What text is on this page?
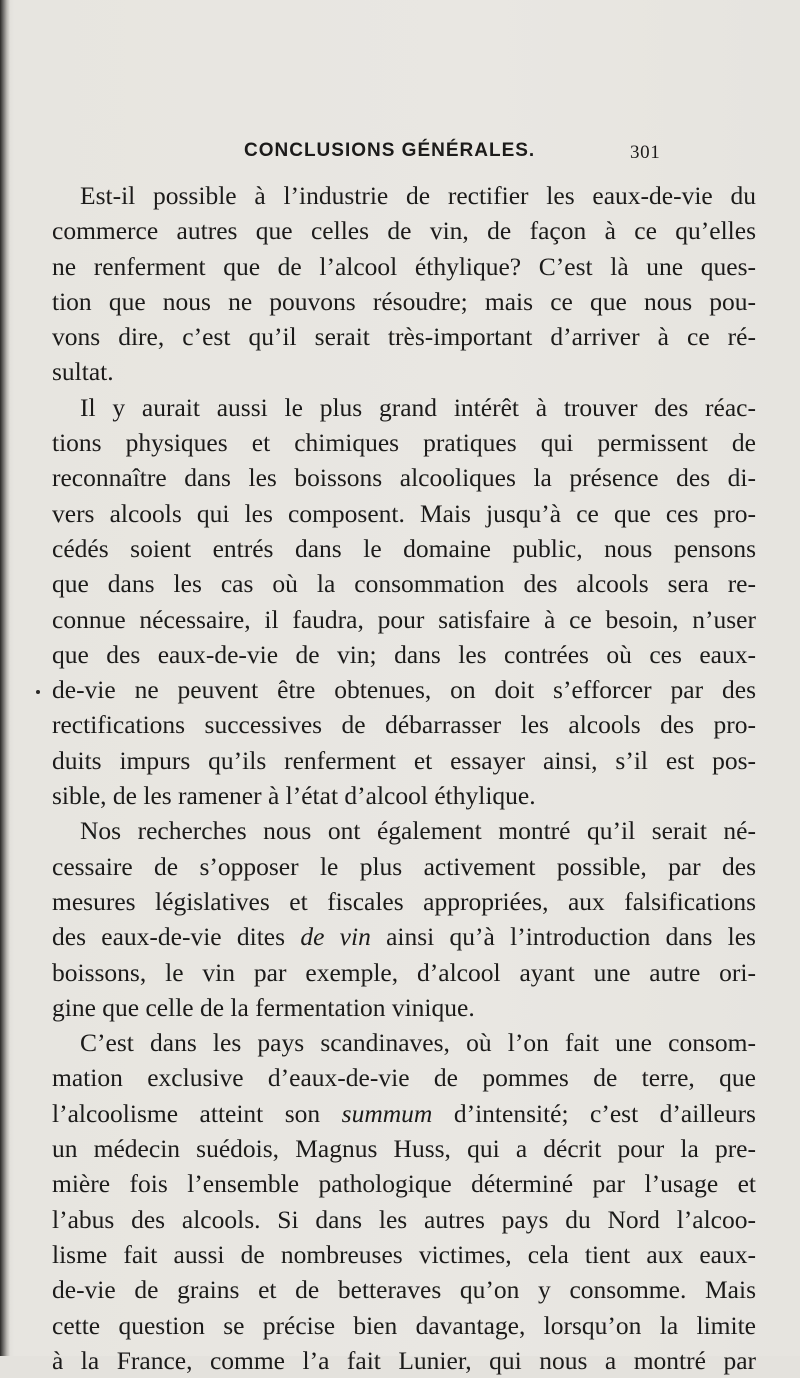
CONCLUSIONS GÉNÉRALES.	301
Est-il possible à l’industrie de rectifier les eaux-de-vie du
commerce autres que celles de vin, de façon à ce qu’elles
ne renferment que de l’alcool éthylique? C’est là une ques-
tion que nous ne pouvons résoudre; mais ce que nous pou-
vons dire, c’est qu’il serait très-important d’arriver à ce ré-
sultat.
Il y aurait aussi le plus grand intérêt à trouver des réac-
tions physiques et chimiques pratiques qui permissent de
reconnaître dans les boissons alcooliques la présence des di-
vers alcools qui les composent. Mais jusqu’à ce que ces pro-
cédés soient entrés dans le domaine public, nous pensons
que dans les cas où la consommation des alcools sera re-
connue nécessaire, il faudra, pour satisfaire à ce besoin, n’user
que des eaux-de-vie de vin; dans les contrées où ces eaux-
de-vie ne peuvent être obtenues, on doit s’efforcer par des
rectifications successives de débarrasser les alcools des pro-
duits impurs qu’ils renferment et essayer ainsi, s’il est pos-
sible, de les ramener à l’état d’alcool éthylique.
Nos recherches nous ont également montré qu’il serait né-
cessaire de s’opposer le plus activement possible, par des
mesures législatives et fiscales appropriées, aux falsifications
des eaux-de-vie dites de vin ainsi qu’à l’introduction dans les
boissons, le vin par exemple, d’alcool ayant une autre ori-
gine que celle de la fermentation vinique.
C’est dans les pays scandinaves, où l’on fait une consom-
mation exclusive d’eaux-de-vie de pommes de terre, que
l’alcoolisme atteint son summum d’intensité; c’est d’ailleurs
un médecin suédois, Magnus Huss, qui a décrit pour la pre-
mière fois l’ensemble pathologique déterminé par l’usage et
l’abus des alcools. Si dans les autres pays du Nord l’alcoo-
lisme fait aussi de nombreuses victimes, cela tient aux eaux-
de-vie de grains et de betteraves qu’on y consomme. Mais
cette question se précise bien davantage, lorsqu’on la limite
à la France, comme l’a fait Lunier, qui nous a montré par
